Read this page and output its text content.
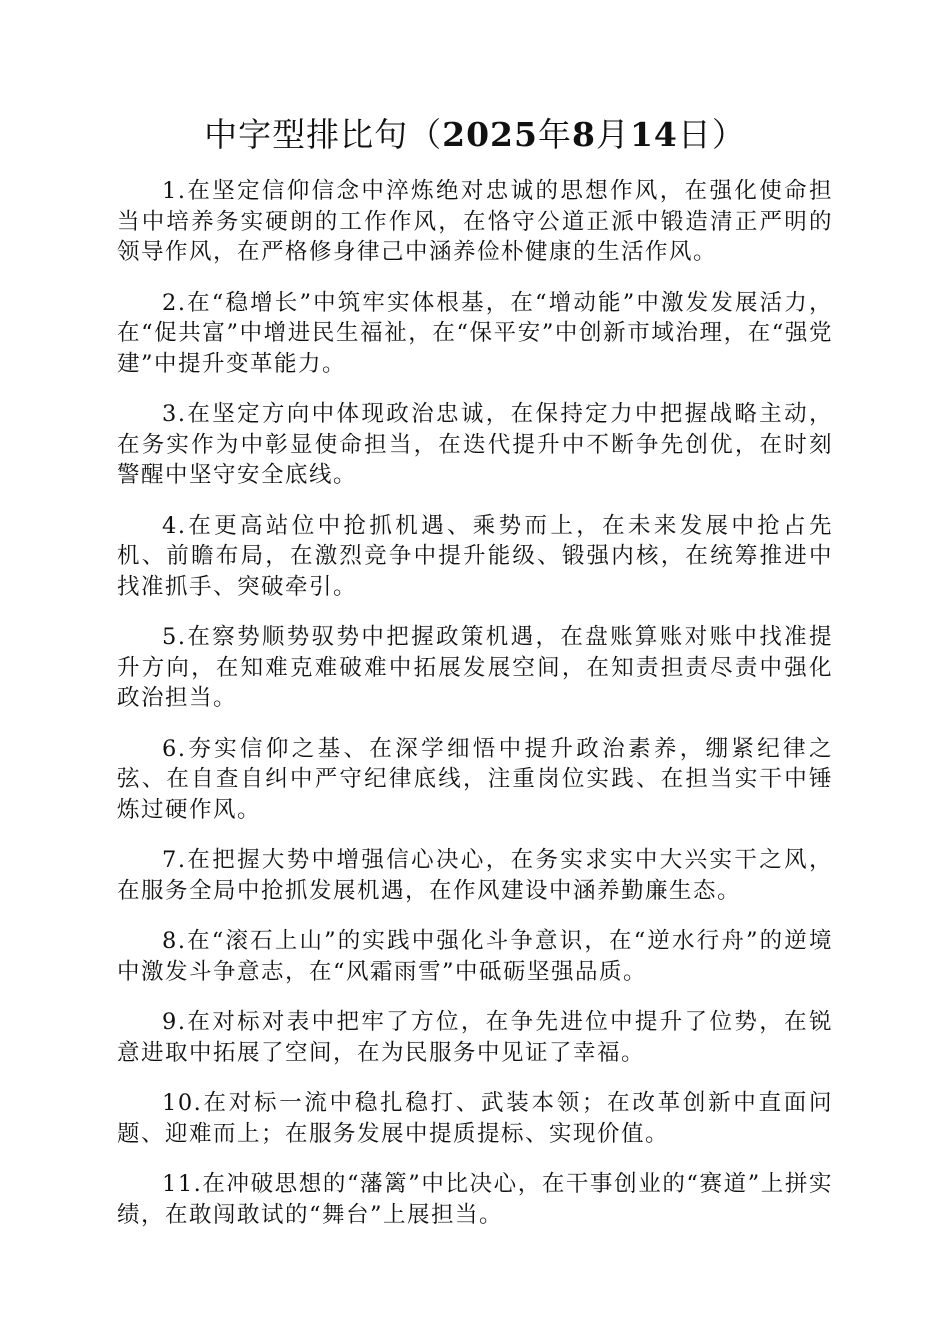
中字型排比句（2025年8月14日）

1.在坚定信仰信念中淬炼绝对忠诚的思想作风，在强化使命担当中培养务实硬朗的工作作风，在恪守公道正派中锻造清正严明的领导作风，在严格修身律己中涵养俭朴健康的生活作风。

2.在“稳增长”中筑牢实体根基，在“增动能”中激发发展活力，在“促共富”中增进民生福祉，在“保平安”中创新市域治理，在“强党建”中提升变革能力。

3.在坚定方向中体现政治忠诚，在保持定力中把握战略主动，在务实作为中彰显使命担当，在迭代提升中不断争先创优，在时刻警醒中坚守安全底线。

4.在更高站位中抢抓机遇、乘势而上，在未来发展中抢占先机、前瞻布局，在激烈竞争中提升能级、锻强内核，在统筹推进中找准抓手、突破牵引。

5.在察势顺势驭势中把握政策机遇，在盘账算账对账中找准提升方向，在知难克难破难中拓展发展空间，在知责担责尽责中强化政治担当。

6.夯实信仰之基、在深学细悟中提升政治素养，绷紧纪律之弦、在自查自纠中严守纪律底线，注重岗位实践、在担当实干中锤炼过硬作风。

7.在把握大势中增强信心决心，在务实求实中大兴实干之风，在服务全局中抢抓发展机遇，在作风建设中涵养勤廉生态。

8.在“滚石上山”的实践中强化斗争意识，在“逆水行舟”的逆境中激发斗争意志，在“风霜雨雪”中砥砺坚强品质。

9.在对标对表中把牢了方位，在争先进位中提升了位势，在锐意进取中拓展了空间，在为民服务中见证了幸福。

10.在对标一流中稳扎稳打、武装本领；在改革创新中直面问题、迎难而上；在服务发展中提质提标、实现价值。

11.在冲破思想的“藩篱”中比决心，在干事创业的“赛道”上拼实绩，在敢闯敢试的“舞台”上展担当。
